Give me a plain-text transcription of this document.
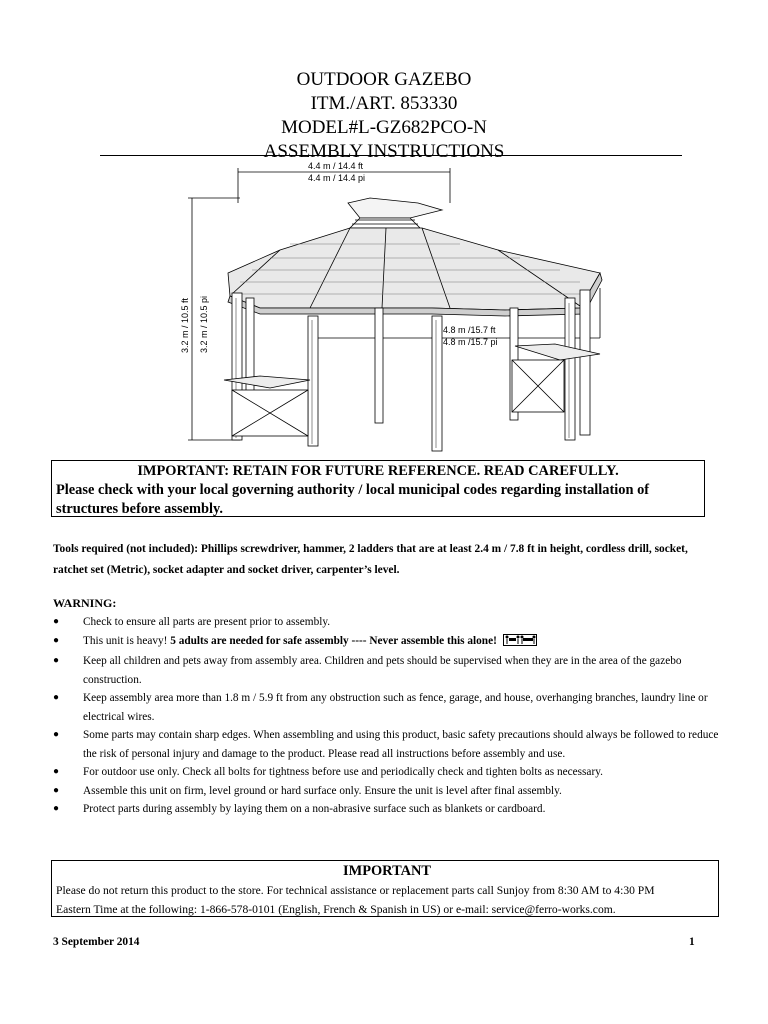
OUTDOOR GAZEBO
ITM./ART. 853330
MODEL#L-GZ682PCO-N
ASSEMBLY INSTRUCTIONS
4.4 m / 14.4 ft
4.4 m / 14.4 pi
3.2 m / 10.5 ft 3.2 m / 10.5 pi	4.8 m /15.7 ft
4.8 m /15.7 pi
IMPORTANT: RETAIN FOR FUTURE REFERENCE. READ CAREFULLY.
Please check with your local governing authority / local municipal codes regarding installation of structures before assembly.
Tools required (not included): Phillips screwdriver, hammer, 2 ladders that are at least 2.4 m / 7.8 ft in height, cordless drill, socket, ratchet set (Metric), socket adapter and socket driver, carpenter’s level.
WARNING:
● Check to ensure all parts are present prior to assembly.
● This unit is heavy! 5 adults are needed for safe assembly ---- Never assemble this alone!
● Keep all children and pets away from assembly area. Children and pets should be supervised when they are in the area of the gazebo construction.
● Keep assembly area more than 1.8 m / 5.9 ft from any obstruction such as fence, garage, and house, overhanging branches, laundry line or electrical wires.
● Some parts may contain sharp edges. When assembling and using this product, basic safety precautions should always be followed to reduce the risk of personal injury and damage to the product. Please read all instructions before assembly and use.
● For outdoor use only. Check all bolts for tightness before use and periodically check and tighten bolts as necessary.
● Assemble this unit on firm, level ground or hard surface only. Ensure the unit is level after final assembly.
● Protect parts during assembly by laying them on a non-abrasive surface such as blankets or cardboard.
IMPORTANT
Please do not return this product to the store. For technical assistance or replacement parts call Sunjoy from 8:30 AM to 4:30 PM
Eastern Time at the following: 1-866-578-0101 (English, French & Spanish in US) or e-mail: service@ferro-works.com.
3 September 2014	1
